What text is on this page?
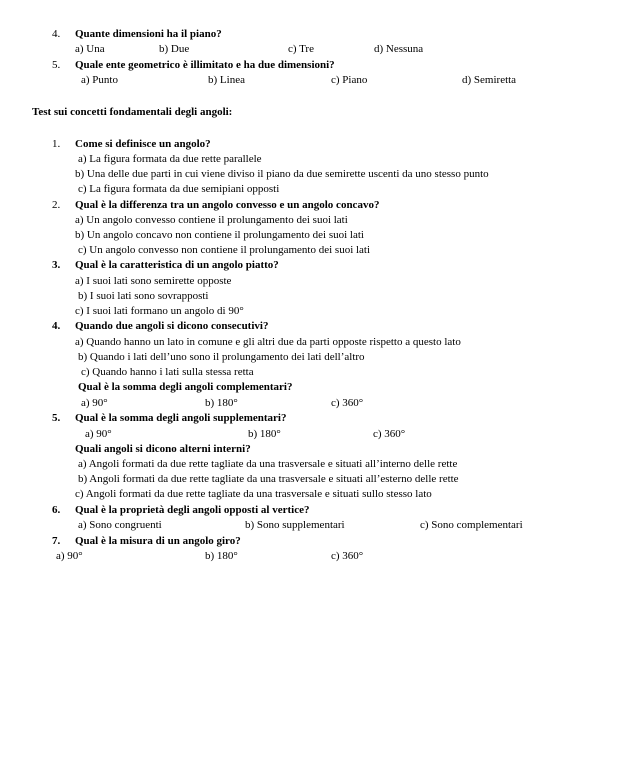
4. Quante dimensioni ha il piano?
a) Una	b) Due	c) Tre	d) Nessuna
5. Quale ente geometrico è illimitato e ha due dimensioni?
a) Punto	b) Linea	c) Piano	d) Semiretta
Test sui concetti fondamentali degli angoli:
1. Come si definisce un angolo?
a) La figura formata da due rette parallele
b) Una delle due parti in cui viene diviso il piano da due semirette uscenti da uno stesso punto
c) La figura formata da due semipiani opposti
2. Qual è la differenza tra un angolo convesso e un angolo concavo?
a) Un angolo convesso contiene il prolungamento dei suoi lati
b) Un angolo concavo non contiene il prolungamento dei suoi lati
c) Un angolo convesso non contiene il prolungamento dei suoi lati
3. Qual è la caratteristica di un angolo piatto?
a) I suoi lati sono semirette opposte
b) I suoi lati sono sovrapposti
c) I suoi lati formano un angolo di 90°
4. Quando due angoli si dicono consecutivi?
a) Quando hanno un lato in comune e gli altri due da parti opposte rispetto a questo lato
b) Quando i lati dell’uno sono il prolungamento dei lati dell’altro
c) Quando hanno i lati sulla stessa retta
Qual è la somma degli angoli complementari?
a) 90°	b) 180°	c) 360°
5. Qual è la somma degli angoli supplementari?
a) 90°	b) 180°	c) 360°
Quali angoli si dicono alterni interni?
a) Angoli formati da due rette tagliate da una trasversale e situati all’interno delle rette
b) Angoli formati da due rette tagliate da una trasversale e situati all’esterno delle rette
c) Angoli formati da due rette tagliate da una trasversale e situati sullo stesso lato
6. Qual è la proprietà degli angoli opposti al vertice?
a) Sono congruenti	b) Sono supplementari	c) Sono complementari
7. Qual è la misura di un angolo giro?
a) 90°	b) 180°	c) 360°
